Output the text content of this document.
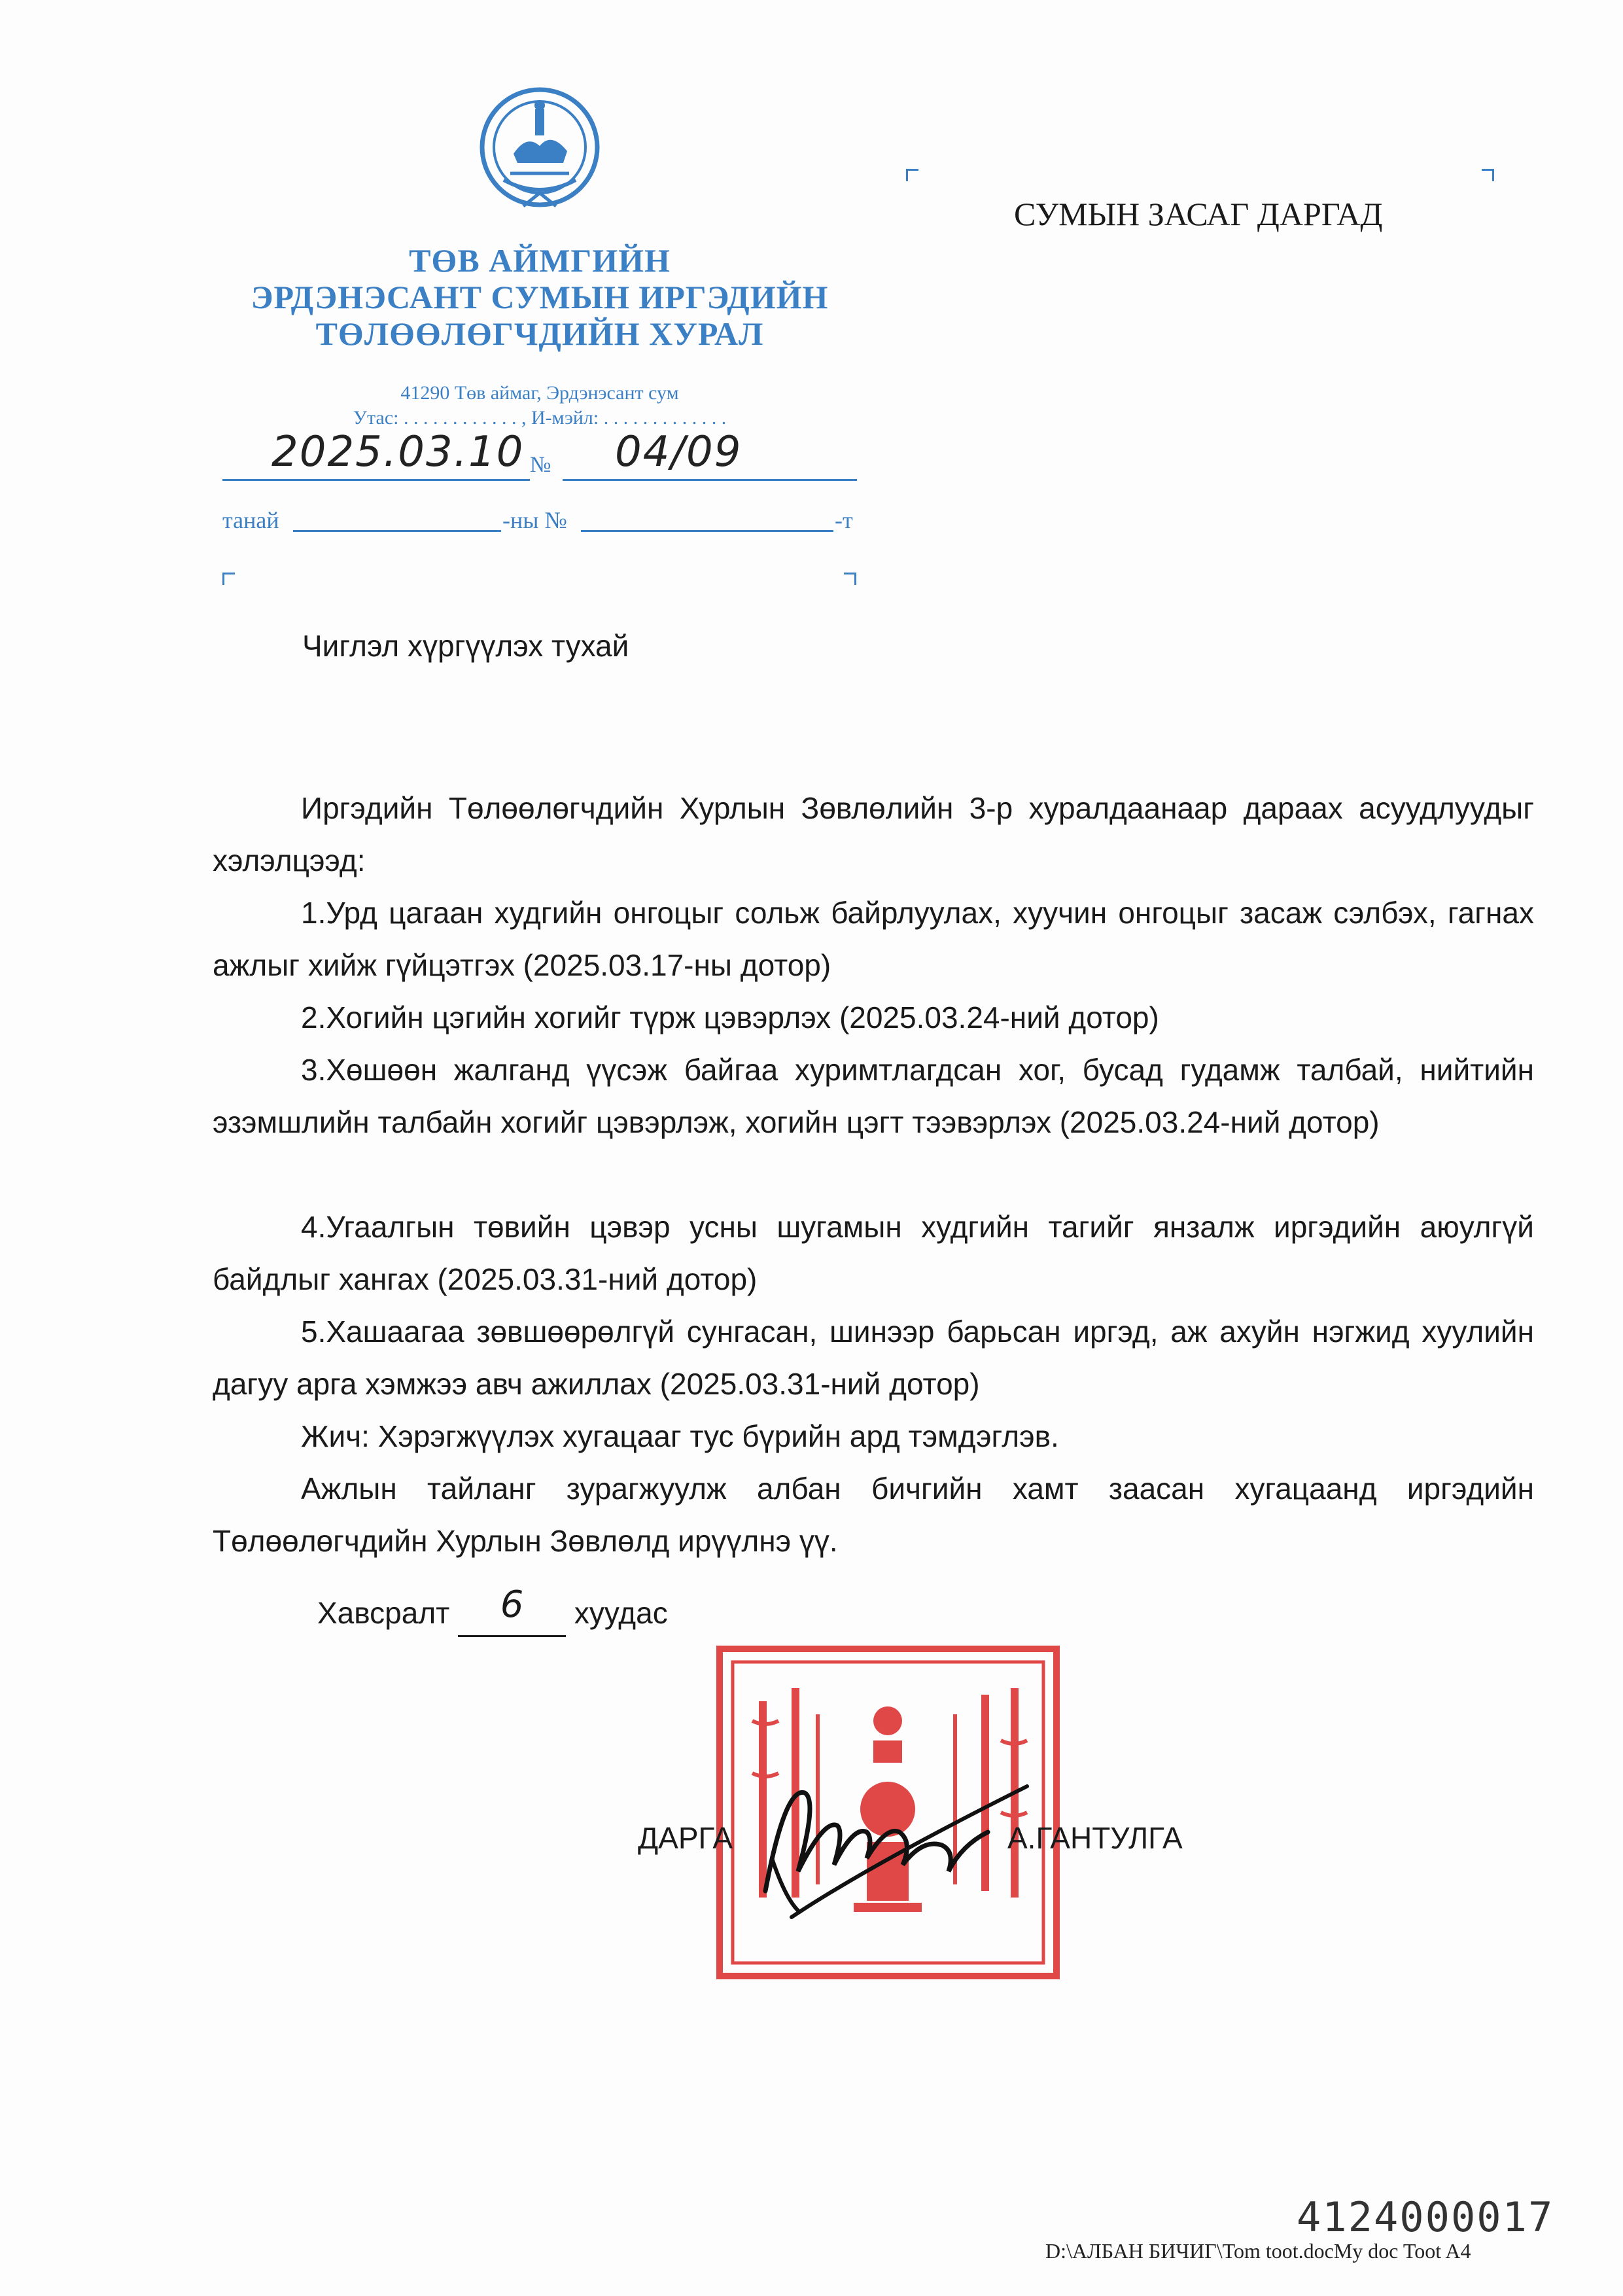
ТӨВ АЙМГИЙН
ЭРДЭНЭСАНТ СУМЫН ИРГЭДИЙН
ТӨЛӨӨЛӨГЧДИЙН ХУРАЛ
41290 Төв аймаг, Эрдэнэсант сум
Утас: . . . . . . . . . . . . , И-мэйл: . . . . . . . . . . . . .
2025.03.10 № 04/09
танай	-ны №	-т
СУМЫН ЗАСАГ ДАРГАД
Чиглэл хүргүүлэх тухай
Иргэдийн Төлөөлөгчдийн Хурлын Зөвлөлийн 3-р хуралдаанаар дараах асуудлуудыг хэлэлцээд:
1.Урд цагаан худгийн онгоцыг сольж байрлуулах, хуучин онгоцыг засаж сэлбэх, гагнах ажлыг хийж гүйцэтгэх (2025.03.17-ны дотор)
2.Хогийн цэгийн хогийг түрж цэвэрлэх (2025.03.24-ний дотор)
3.Хөшөөн жалганд үүсэж байгаа хуримтлагдсан хог, бусад гудамж талбай, нийтийн эзэмшлийн талбайн хогийг цэвэрлэж, хогийн цэгт тээвэрлэх (2025.03.24-ний дотор)
4.Угаалгын төвийн цэвэр усны шугамын худгийн тагийг янзалж иргэдийн аюулгүй байдлыг хангах (2025.03.31-ний дотор)
5.Хашаагаа зөвшөөрөлгүй сунгасан, шинээр барьсан иргэд, аж ахуйн нэгжид хуулийн дагуу арга хэмжээ авч ажиллах (2025.03.31-ний дотор)
Жич: Хэрэгжүүлэх хугацааг тус бүрийн ард тэмдэглэв.
Ажлын тайланг зурагжуулж албан бичгийн хамт заасан хугацаанд иргэдийн Төлөөлөгчдийн Хурлын Зөвлөлд ирүүлнэ үү.
Хавсралт 6 хуудас
ДАРГА	А.ГАНТУЛГА
4124000017
D:\АЛБАН БИЧИГ\Tom toot.docMy doc Toot A4
